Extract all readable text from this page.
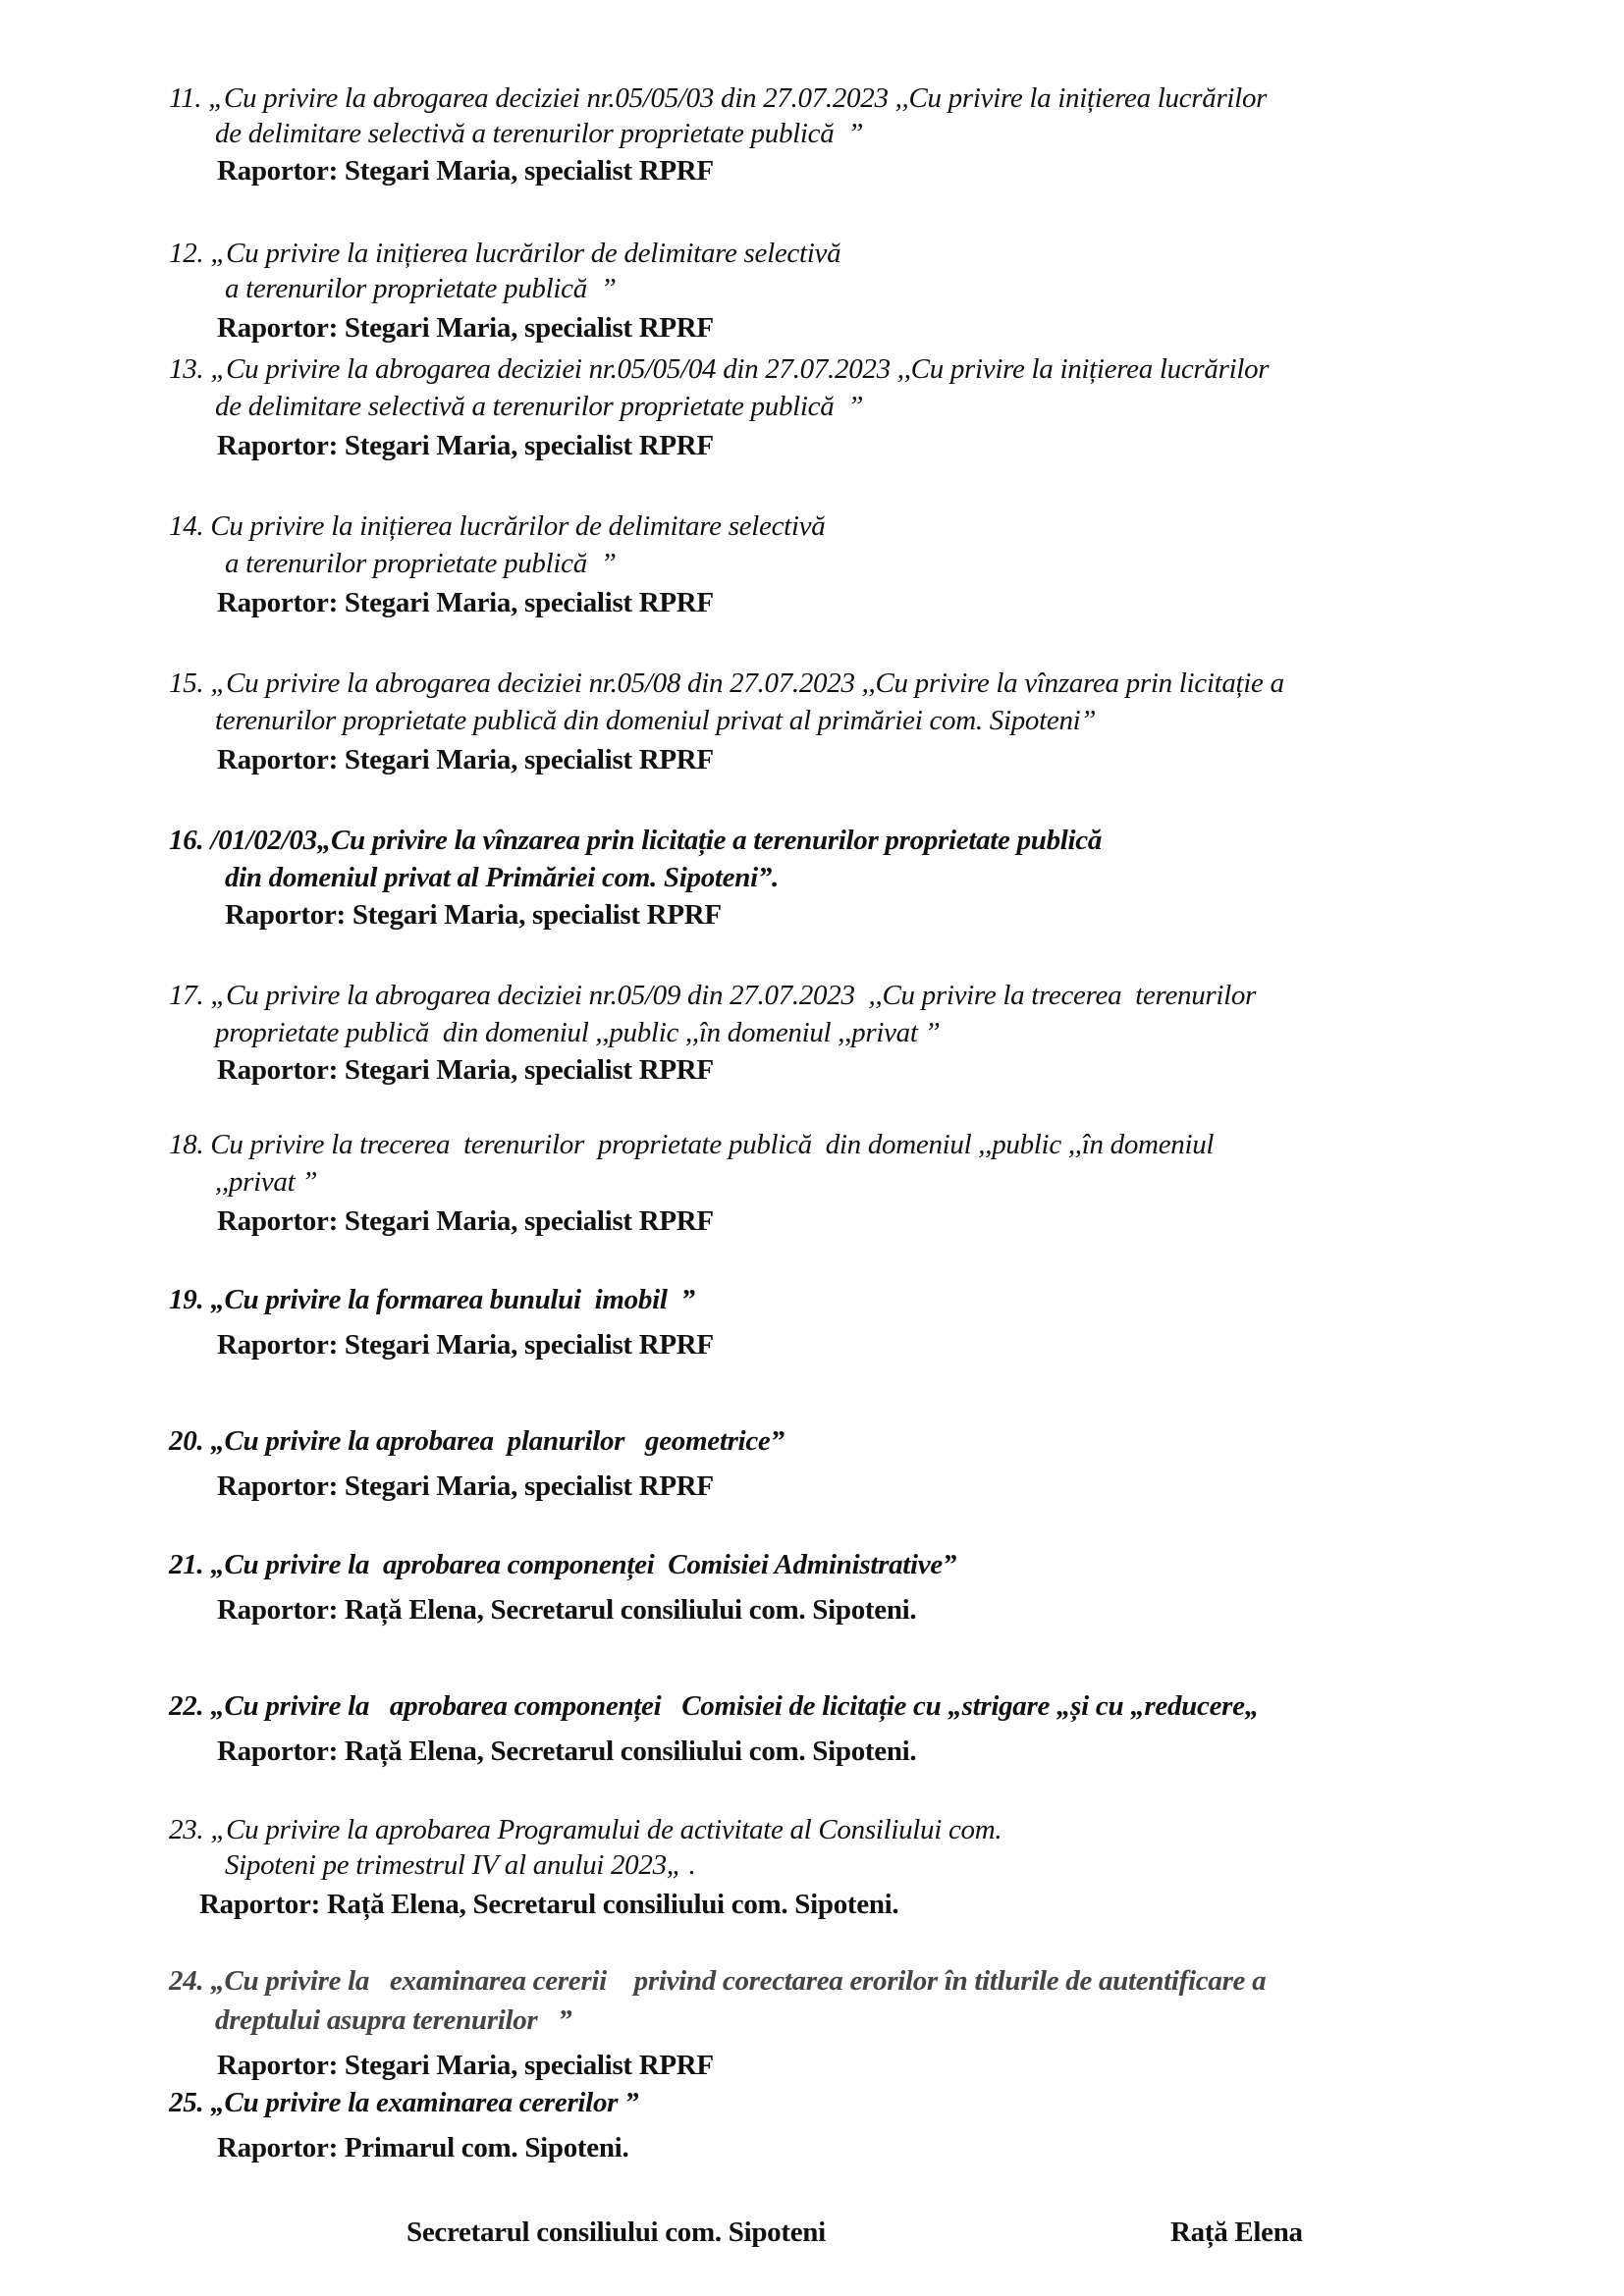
11. „Cu privire la abrogarea deciziei nr.05/05/03 din 27.07.2023 ,,Cu privire la inițierea lucrărilor
de delimitare selectivă a terenurilor proprietate publică  ”
Raportor: Stegari Maria, specialist RPRF
12. „Cu privire la inițierea lucrărilor de delimitare selectivă
a terenurilor proprietate publică  ”
Raportor: Stegari Maria, specialist RPRF
13. „Cu privire la abrogarea deciziei nr.05/05/04 din 27.07.2023 ,,Cu privire la inițierea lucrărilor
de delimitare selectivă a terenurilor proprietate publică  ”
Raportor: Stegari Maria, specialist RPRF
14. Cu privire la inițierea lucrărilor de delimitare selectivă
a terenurilor proprietate publică  ”
Raportor: Stegari Maria, specialist RPRF
15. „Cu privire la abrogarea deciziei nr.05/08 din 27.07.2023 ,,Cu privire la vînzarea prin licitație a
terenurilor proprietate publică din domeniul privat al primăriei com. Sipoteni”
Raportor: Stegari Maria, specialist RPRF
16. /01/02/03„Cu privire la vînzarea prin licitație a terenurilor proprietate publică
din domeniul privat al Primăriei com. Sipoteni”.
Raportor: Stegari Maria, specialist RPRF
17. „Cu privire la abrogarea deciziei nr.05/09 din 27.07.2023  ,,Cu privire la trecerea  terenurilor
proprietate publică  din domeniul ,,public ,,în domeniul ,,privat ”
Raportor: Stegari Maria, specialist RPRF
18. Cu privire la trecerea  terenurilor  proprietate publică  din domeniul ,,public ,,în domeniul
,,privat ”
Raportor: Stegari Maria, specialist RPRF
19. „Cu privire la formarea bunului  imobil  ”
Raportor: Stegari Maria, specialist RPRF
20. „Cu privire la aprobarea  planurilor   geometrice”
Raportor: Stegari Maria, specialist RPRF
21. „Cu privire la  aprobarea componenței  Comisiei Administrative”
Raportor: Rață Elena, Secretarul consiliului com. Sipoteni.
22. „Cu privire la   aprobarea componenței   Comisiei de licitație cu „strigare „și cu „reducere„
Raportor: Rață Elena, Secretarul consiliului com. Sipoteni.
23. „Cu privire la aprobarea Programului de activitate al Consiliului com.
Sipoteni pe trimestrul IV al anului 2023„ .
Raportor: Rață Elena, Secretarul consiliului com. Sipoteni.
24. „Cu privire la   examinarea cererii    privind corectarea erorilor în titlurile de autentificare a
dreptului asupra terenurilor   ”
Raportor: Stegari Maria, specialist RPRF
25. „Cu privire la examinarea cererilor ”
Raportor: Primarul com. Sipoteni.
Secretarul consiliului com. Sipoteni	Rață Elena
